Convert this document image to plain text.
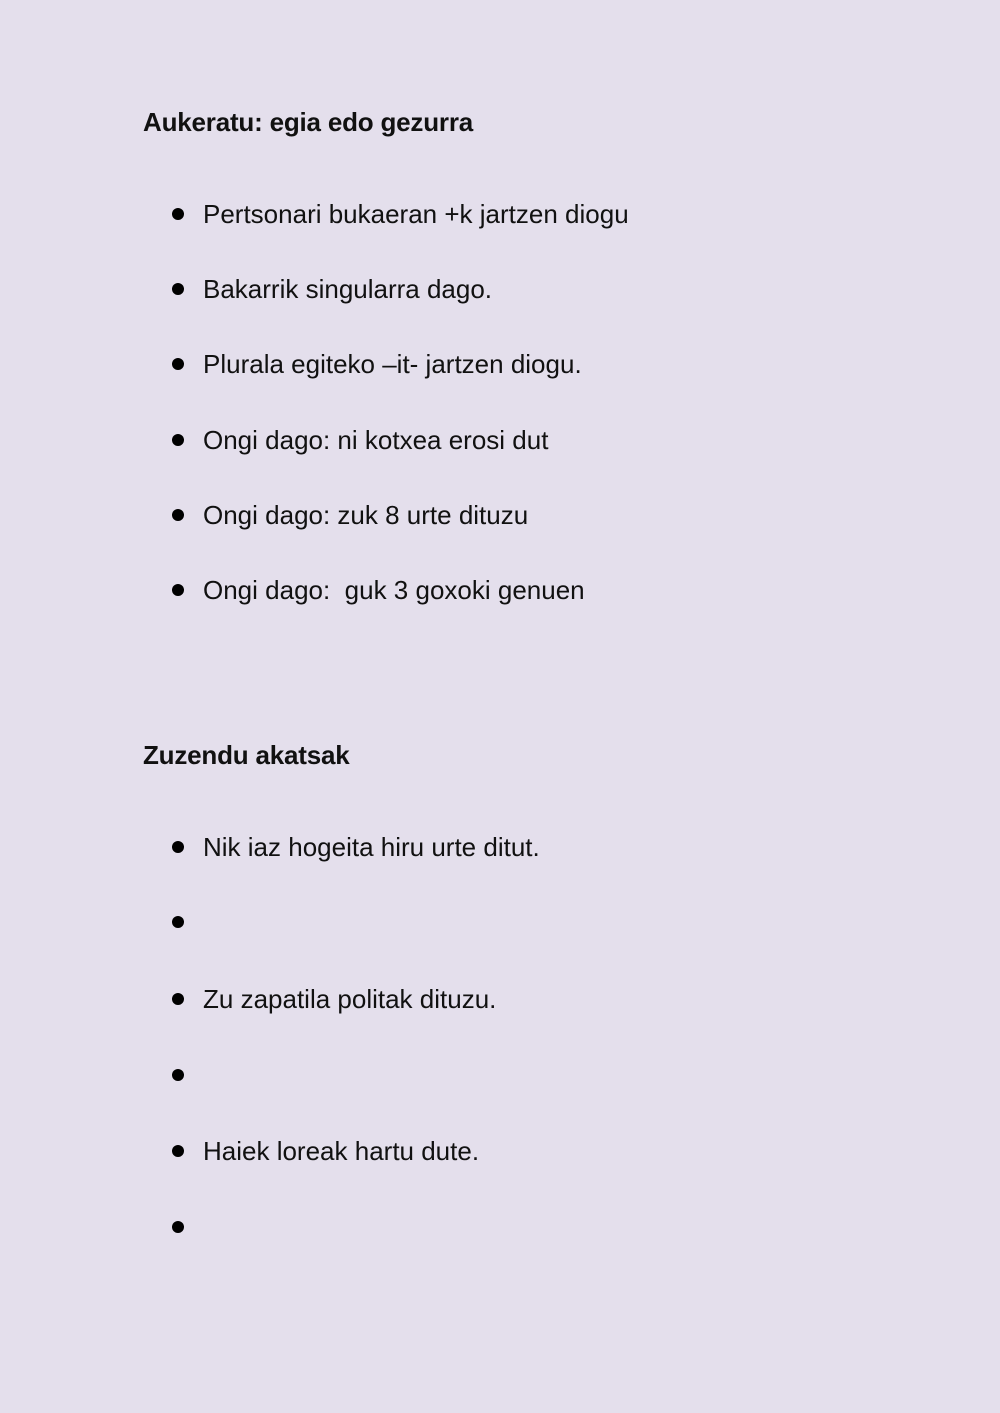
Aukeratu: egia edo gezurra
Pertsonari bukaeran +k jartzen diogu
Bakarrik singularra dago.
Plurala egiteko –it- jartzen diogu.
Ongi dago: ni kotxea erosi dut
Ongi dago: zuk 8 urte dituzu
Ongi dago:  guk 3 goxoki genuen
Zuzendu akatsak
Nik iaz hogeita hiru urte ditut.
Zu zapatila politak dituzu.
Haiek loreak hartu dute.
